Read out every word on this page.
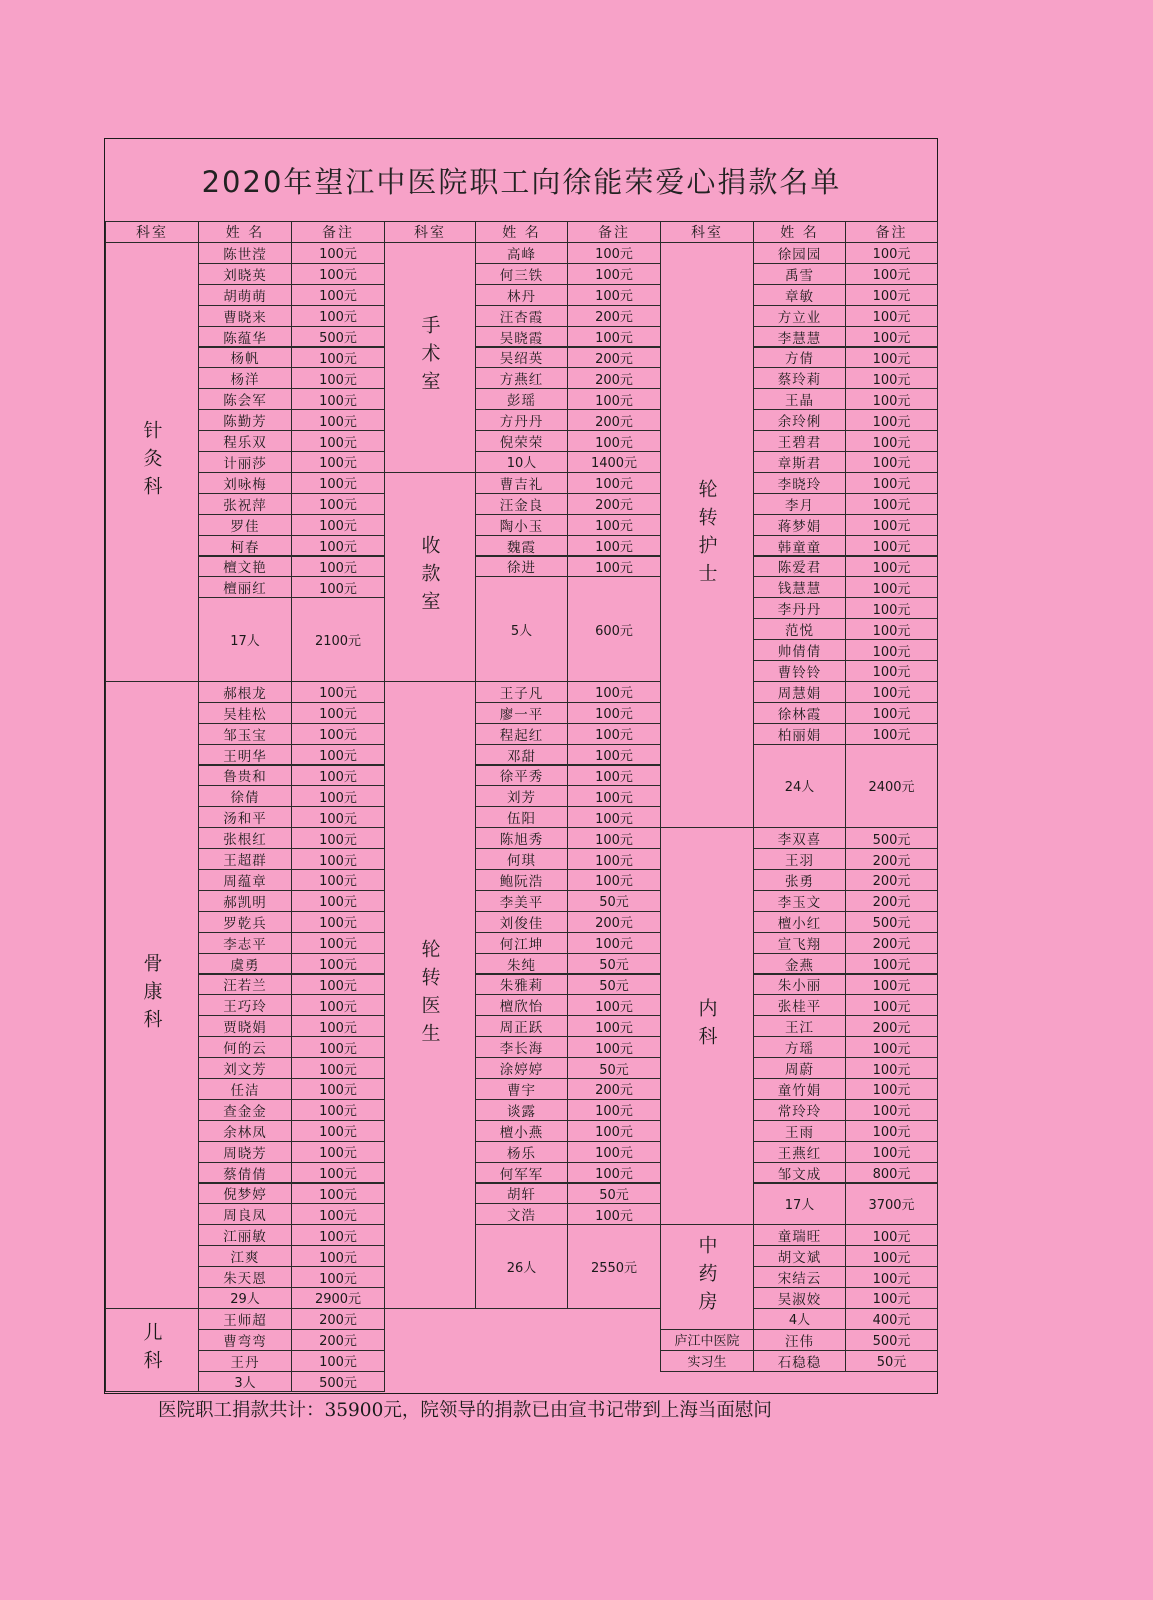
2020年望江中医院职工向徐能荣爱心捐款名单
科室	姓 名	备注	科室	姓 名	备注	科室	姓 名	备注
针灸科
陈世滢	100元
刘晓英	100元
胡萌萌	100元
曹晓来	100元
陈蕴华	500元
杨帆	100元
杨洋	100元
陈会军	100元
陈勤芳	100元
程乐双	100元
计丽莎	100元
刘咏梅	100元
张祝萍	100元
罗佳	100元
柯春	100元
檀文艳	100元
檀丽红	100元
17人	2100元
骨康科
郝根龙	100元
吴桂松	100元
邹玉宝	100元
王明华	100元
鲁贵和	100元
徐倩	100元
汤和平	100元
张根红	100元
王超群	100元
周蕴章	100元
郝凯明	100元
罗乾兵	100元
李志平	100元
虞勇	100元
汪若兰	100元
王巧玲	100元
贾晓娟	100元
何的云	100元
刘文芳	100元
任洁	100元
查金金	100元
余林凤	100元
周晓芳	100元
蔡倩倩	100元
倪梦婷	100元
周良凤	100元
江丽敏	100元
江爽	100元
朱天恩	100元
29人	2900元
儿科
王师超	200元
曹弯弯	200元
王丹	100元
3人	500元
手术室
高峰	100元
何三铁	100元
林丹	100元
汪杏霞	200元
吴晓霞	100元
吴绍英	200元
方燕红	200元
彭瑶	100元
方丹丹	200元
倪荣荣	100元
10人	1400元
收款室
曹吉礼	100元
汪金良	200元
陶小玉	100元
魏霞	100元
徐进	100元
5人	600元
轮转医生
王子凡	100元
廖一平	100元
程起红	100元
邓甜	100元
徐平秀	100元
刘芳	100元
伍阳	100元
陈旭秀	100元
何琪	100元
鲍阮浩	100元
李美平	50元
刘俊佳	200元
何江坤	100元
朱纯	50元
朱雅莉	50元
檀欣怡	100元
周正跃	100元
李长海	100元
涂婷婷	50元
曹宇	200元
谈露	100元
檀小燕	100元
杨乐	100元
何军军	100元
胡轩	50元
文浩	100元
26人	2550元
轮转护士
徐园园	100元
禹雪	100元
章敏	100元
方立业	100元
李慧慧	100元
方倩	100元
蔡玲莉	100元
王晶	100元
余玲俐	100元
王碧君	100元
章斯君	100元
李晓玲	100元
李月	100元
蒋梦娟	100元
韩童童	100元
陈爱君	100元
钱慧慧	100元
李丹丹	100元
范悦	100元
帅倩倩	100元
曹铃铃	100元
周慧娟	100元
徐林霞	100元
柏丽娟	100元
24人	2400元
内科
李双喜	500元
王羽	200元
张勇	200元
李玉文	200元
檀小红	500元
宣飞翔	200元
金燕	100元
朱小丽	100元
张桂平	100元
王江	200元
方瑶	100元
周蔚	100元
童竹娟	100元
常玲玲	100元
王雨	100元
王燕红	100元
邹文成	800元
17人	3700元
中药房	童瑞旺	100元
胡文斌	100元
宋结云	100元
吴淑姣	100元
4人	400元
庐江中医院	汪伟	500元
实习生	石稳稳	50元
医院职工捐款共计：35900元，院领导的捐款已由宣书记带到上海当面慰问
